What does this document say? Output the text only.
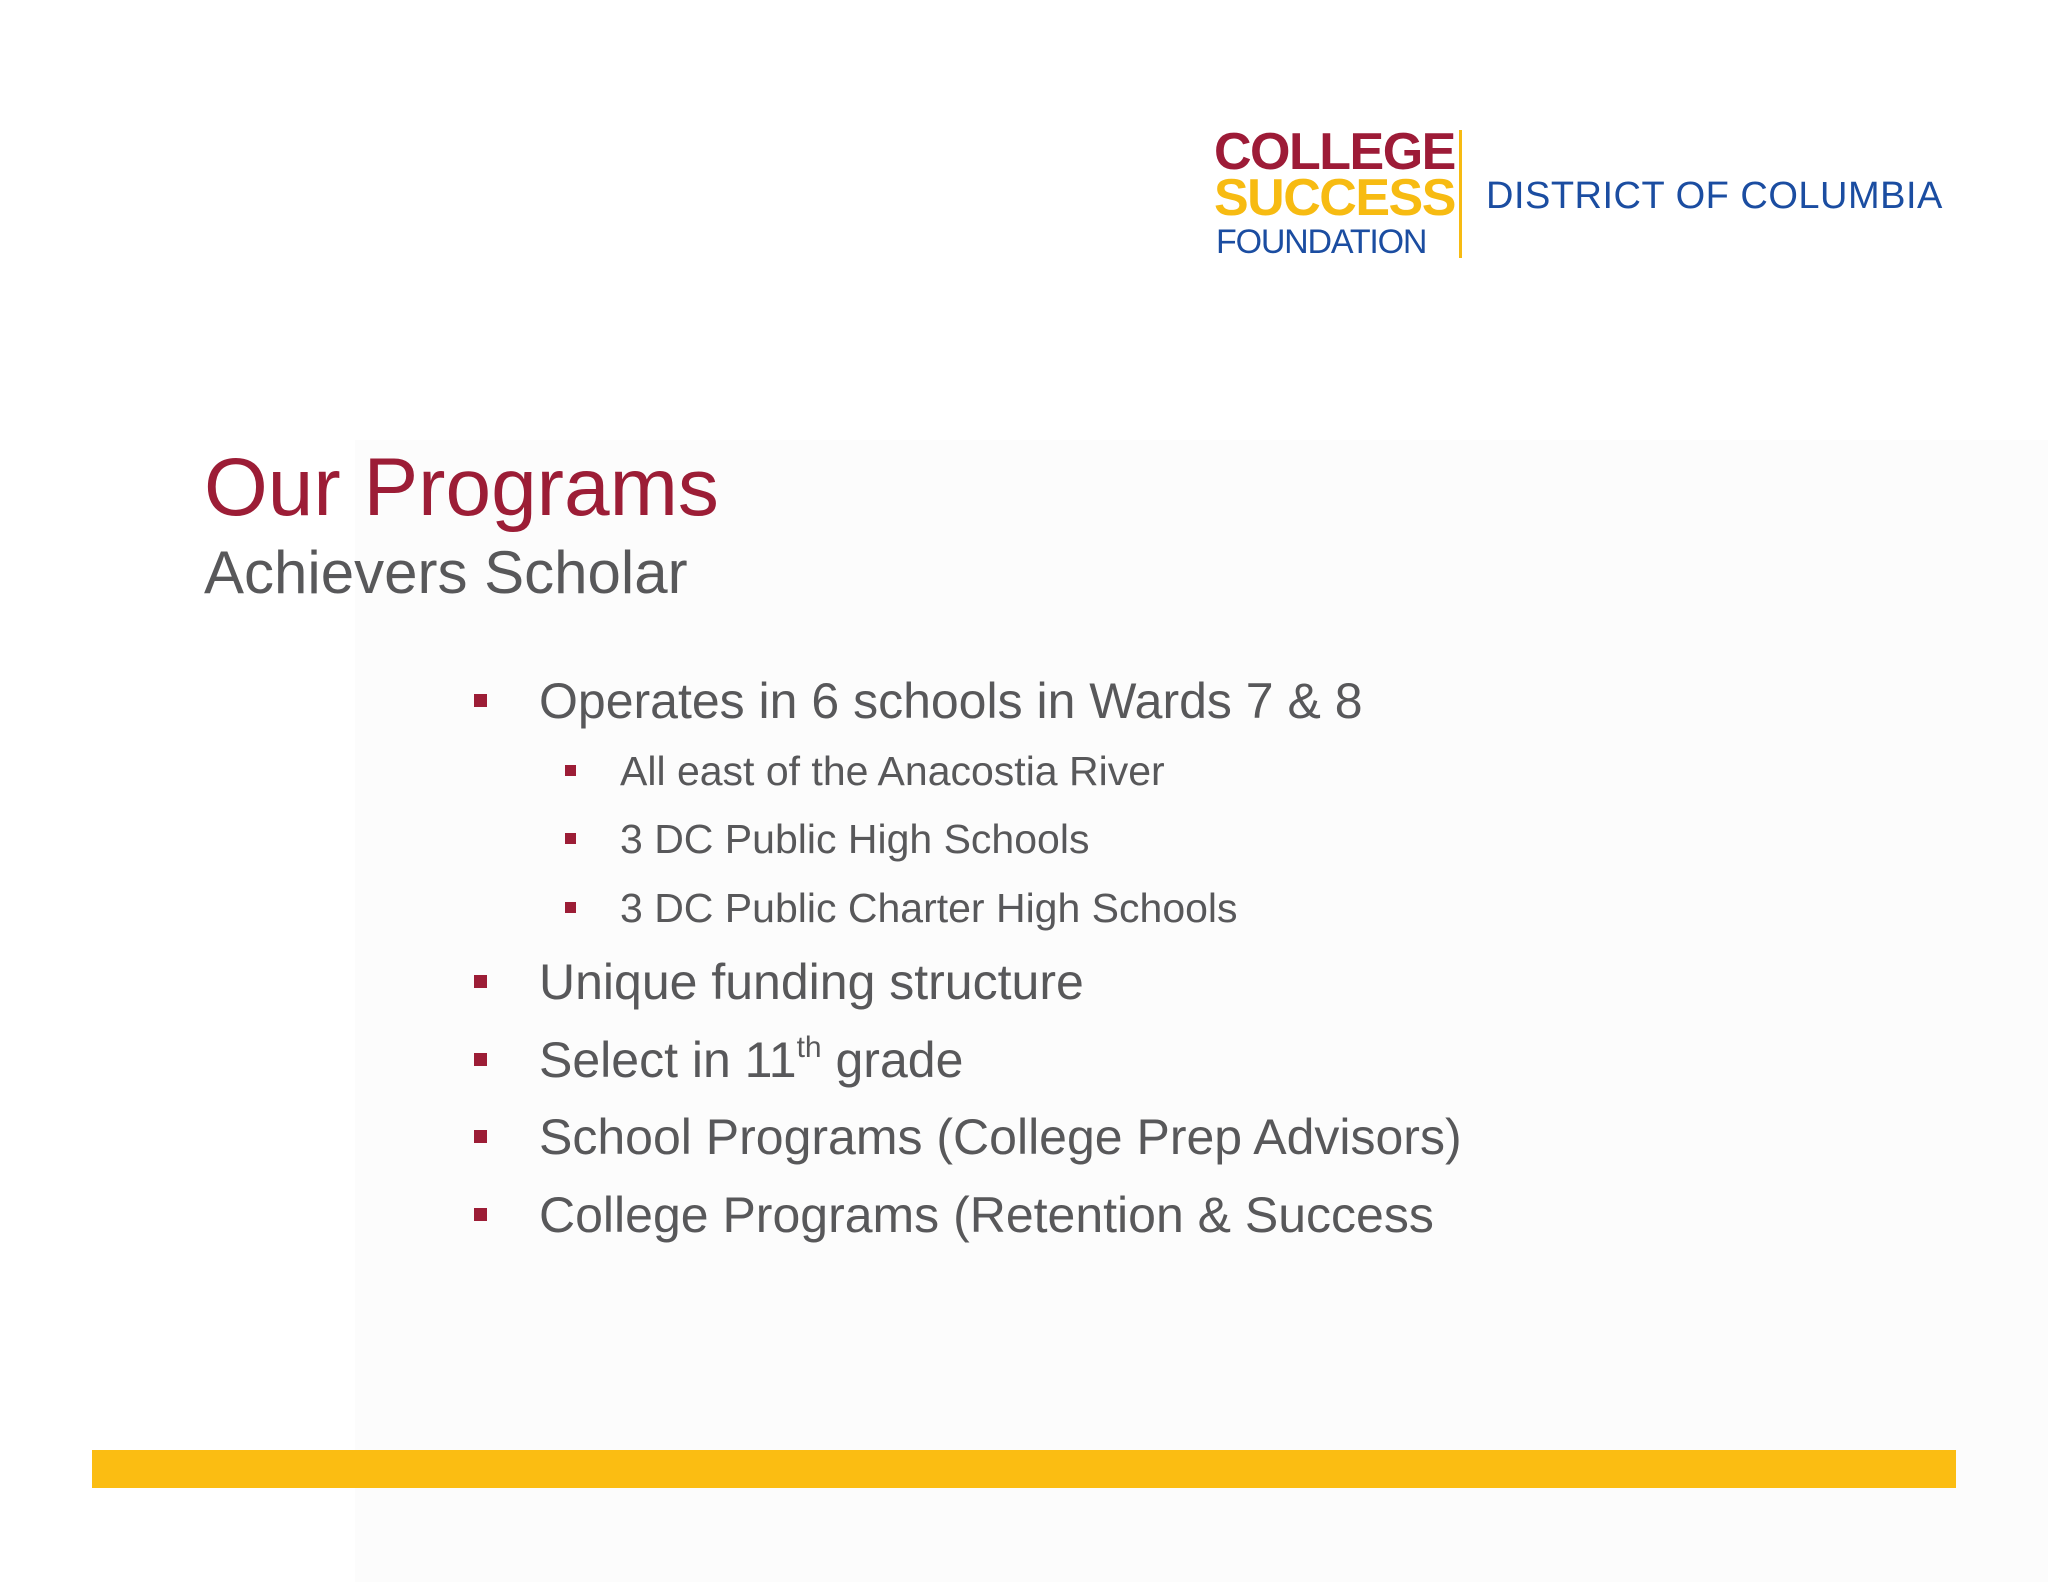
COLLEGE
SUCCESS
FOUNDATION
DISTRICT OF COLUMBIA
Our Programs
Achievers Scholar
Operates in 6 schools in Wards 7 & 8
All east of the Anacostia River
3 DC Public High Schools
3 DC Public Charter High Schools
Unique funding structure
Select in 11th grade
School Programs (College Prep Advisors)
College Programs (Retention & Success
